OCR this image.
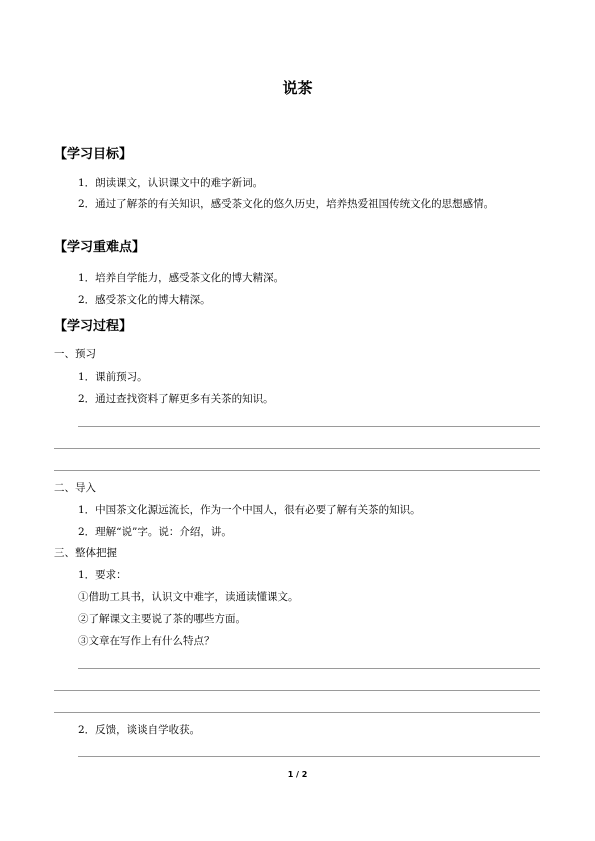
说茶
【学习目标】
1．朗读课文，认识课文中的难字新词。
2．通过了解茶的有关知识，感受茶文化的悠久历史，培养热爱祖国传统文化的思想感情。
【学习重难点】
1．培养自学能力，感受茶文化的博大精深。
2．感受茶文化的博大精深。
【学习过程】
一、预习
1．课前预习。
2．通过查找资料了解更多有关茶的知识。
二、导入
1．中国茶文化源远流长，作为一个中国人，很有必要了解有关茶的知识。
2．理解“说”字。说：介绍，讲。
三、整体把握
1．要求：
①借助工具书，认识文中难字，读通读懂课文。
②了解课文主要说了茶的哪些方面。
③文章在写作上有什么特点？
2．反馈，谈谈自学收获。
1 / 2
